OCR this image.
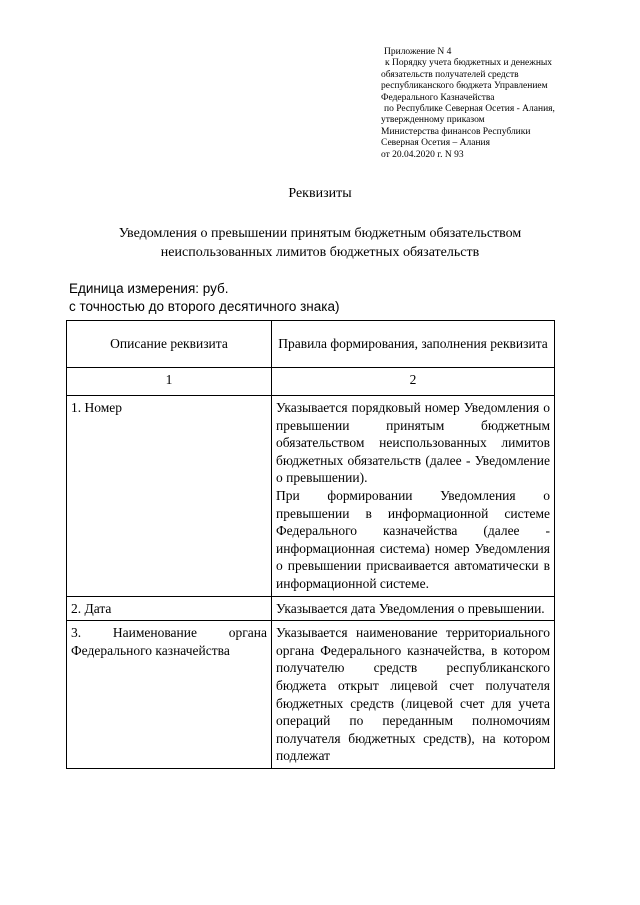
Приложение N 4
к Порядку учета бюджетных и денежных
обязательств получателей средств
республиканского бюджета Управлением
Федерального Казначейства
по Республике Северная Осетия - Алания,
утвержденному приказом
Министерства финансов Республики
Северная Осетия – Алания
от 20.04.2020 г. N 93
Реквизиты
Уведомления о превышении принятым бюджетным обязательством
неиспользованных лимитов бюджетных обязательств
Единица измерения: руб.
с точностью до второго десятичного знака)
Описание реквизита	Правила формирования, заполнения реквизита
1	2
1. Номер	Указывается порядковый номер Уведомления о превышении принятым бюджетным обязательством неиспользованных лимитов бюджетных обязательств (далее - Уведомление о превышении).

При формировании Уведомления о превышении в информационной системе Федерального казначейства (далее - информационная система) номер Уведомления о превышении присваивается автоматически в информационной системе.

2. Дата	Указывается дата Уведомления о превышении.

3. Наименование органа Федерального казначейства	Указывается наименование территориального органа Федерального казначейства, в котором получателю средств республиканского бюджета открыт лицевой счет получателя бюджетных средств (лицевой счет для учета операций по переданным полномочиям получателя бюджетных средств), на котором подлежат
